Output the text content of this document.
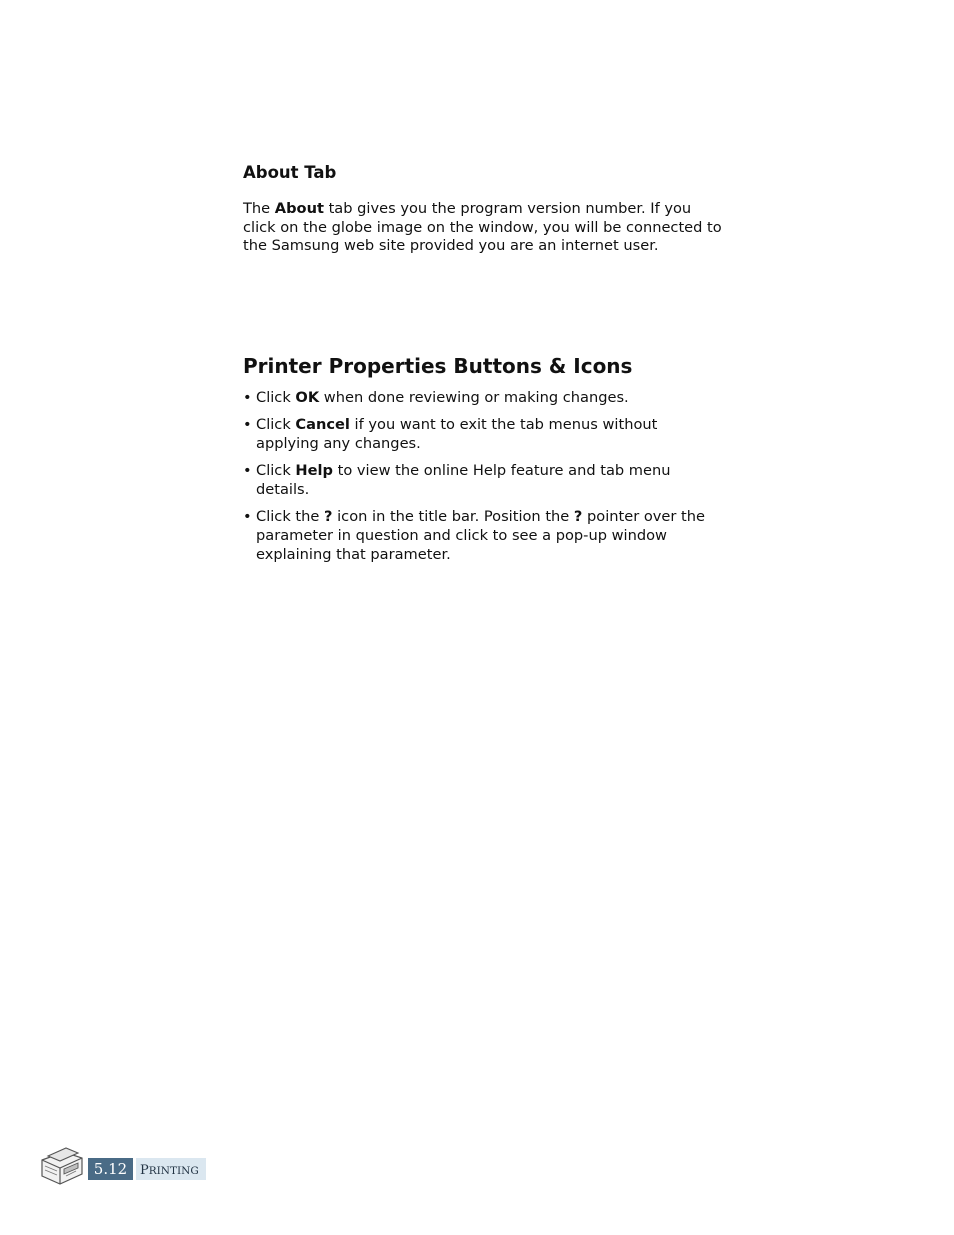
About Tab

The About tab gives you the program version number. If you click on the globe image on the window, you will be connected to the Samsung web site provided you are an internet user.

Printer Properties Buttons & Icons
• Click OK when done reviewing or making changes.
• Click Cancel if you want to exit the tab menus without applying any changes.
• Click Help to view the online Help feature and tab menu details.
• Click the ? icon in the title bar. Position the ? pointer over the parameter in question and click to see a pop-up window explaining that parameter.
5.12 PRINTING
